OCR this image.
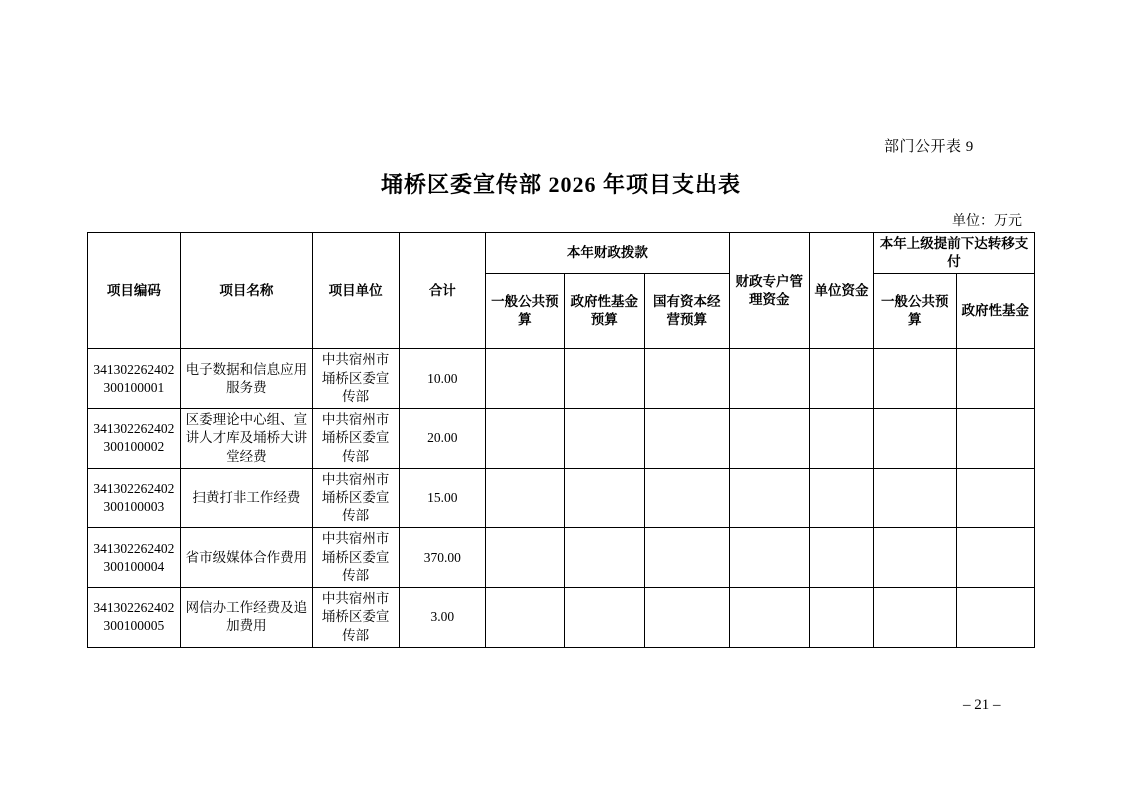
部门公开表 9
埇桥区委宣传部 2026 年项目支出表
单位：万元
项目编码	项目名称	项目单位	合计	本年财政拨款			财政专户管理资金	单位资金	本年上级提前下达转移支付	
				一般公共预算	政府性基金预算	国有资本经营预算			一般公共预算	政府性基金
341302262402300100001	电子数据和信息应用服务费	中共宿州市埇桥区委宣传部	10.00							
341302262402300100002	区委理论中心组、宣讲人才库及埇桥大讲堂经费	中共宿州市埇桥区委宣传部	20.00							
341302262402300100003	扫黄打非工作经费	中共宿州市埇桥区委宣传部	15.00							
341302262402300100004	省市级媒体合作费用	中共宿州市埇桥区委宣传部	370.00							
341302262402300100005	网信办工作经费及追加费用	中共宿州市埇桥区委宣传部	3.00							
– 21 –
